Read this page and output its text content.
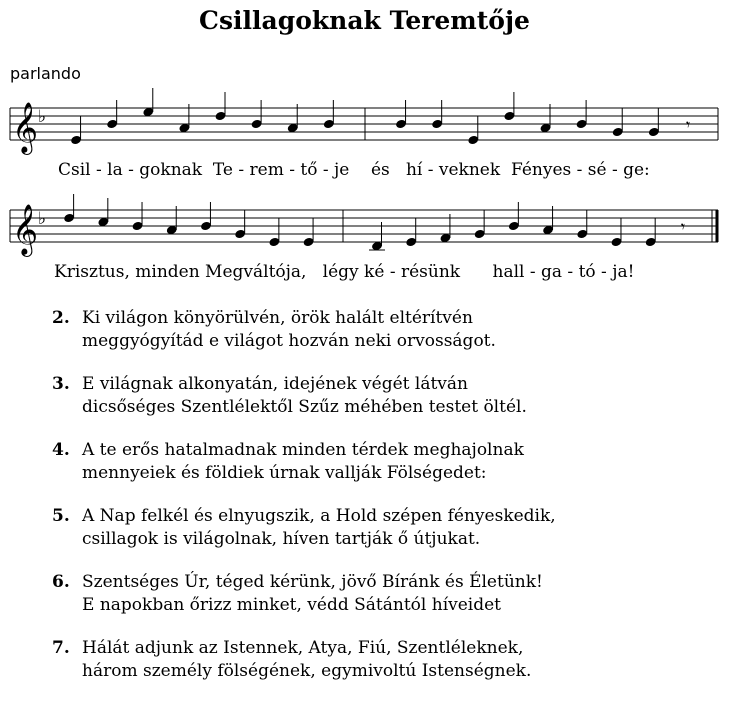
Csillagoknak Teremtője
parlando
𝄞 ♭	𝄾
Csil - la - goknak  Te - rem - tő - je    és   hí - veknek  Fényes - sé - ge:
𝄞 ♭	𝄾
Krisztus, minden Megváltója,   légy ké - résünk      hall - ga - tó - ja!
2. Ki világon könyörülvén, örök halált eltérítvén
meggyógyítád e világot hozván neki orvosságot.
3. E világnak alkonyatán, idejének végét látván
dicsőséges Szentlélektől Szűz méhében testet öltél.
4. A te erős hatalmadnak minden térdek meghajolnak
mennyeiek és földiek úrnak vallják Fölségedet:
5. A Nap felkél és elnyugszik, a Hold szépen fényeskedik,
csillagok is világolnak, híven tartják ő útjukat.
6. Szentséges Úr, téged kérünk, jövő Bíránk és Életünk!
E napokban őrizz minket, védd Sátántól híveidet
7. Hálát adjunk az Istennek, Atya, Fiú, Szentléleknek,
három személy fölségének, egymivoltú Istenségnek.
